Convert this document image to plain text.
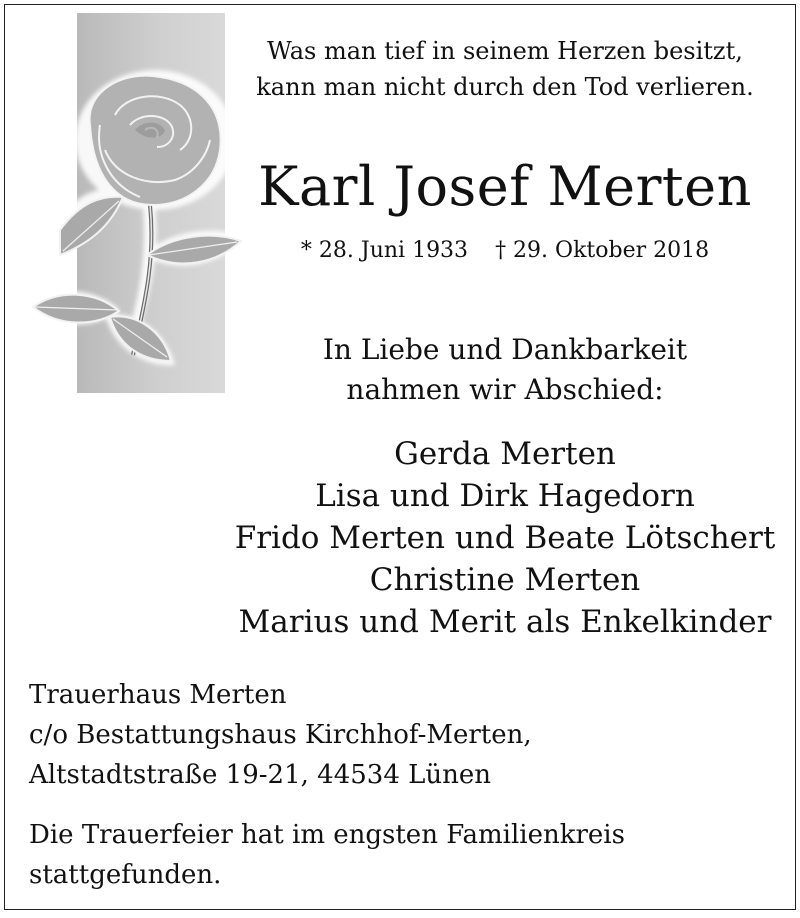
Was man tief in seinem Herzen besitzt,
kann man nicht durch den Tod verlieren.
Karl Josef Merten
* 28. Juni 1933 † 29. Oktober 2018
In Liebe und Dankbarkeit
nahmen wir Abschied:
Gerda Merten
Lisa und Dirk Hagedorn
Frido Merten und Beate Lötschert
Christine Merten
Marius und Merit als Enkelkinder
Trauerhaus Merten
c/o Bestattungshaus Kirchhof-Merten,
Altstadtstraße 19-21, 44534 Lünen
Die Trauerfeier hat im engsten Familienkreis
stattgefunden.
